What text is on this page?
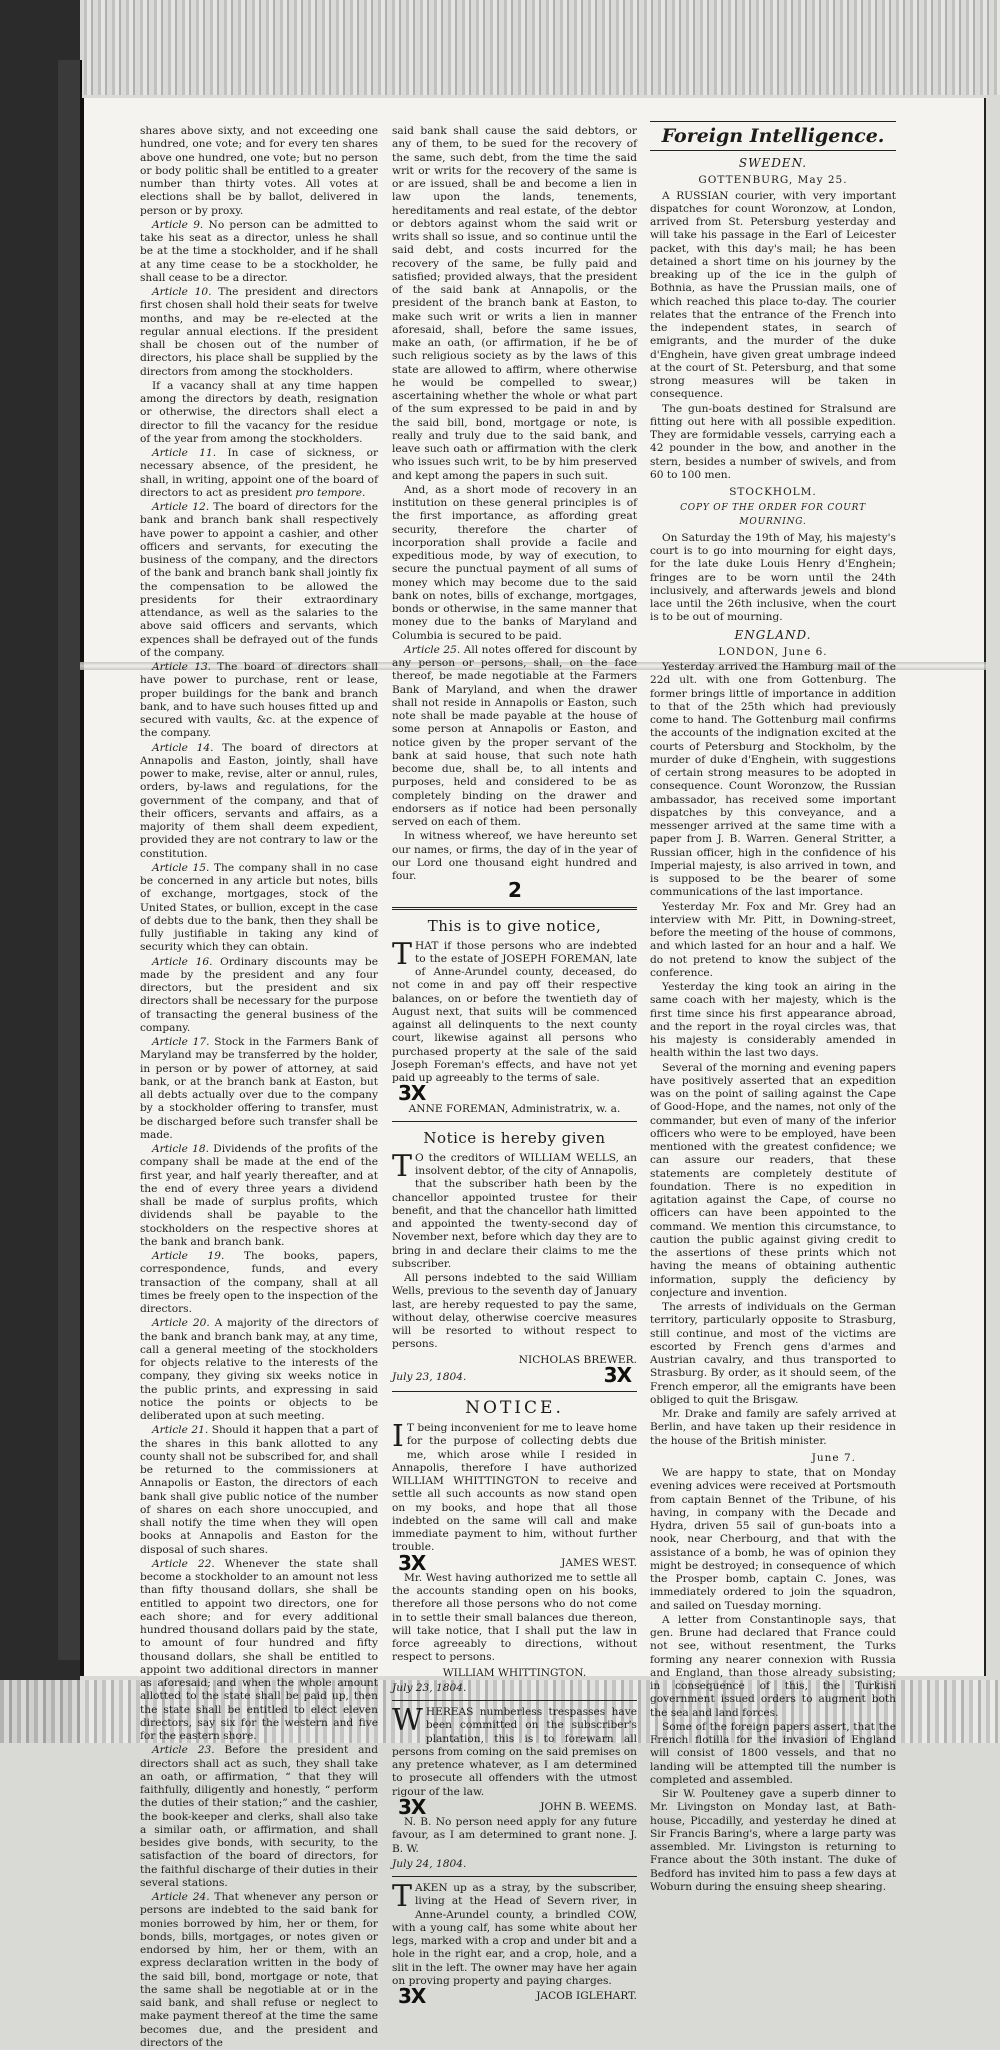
shares above sixty, and not exceeding one hundred, one vote; and for every ten shares above one hundred, one vote; but no person or body politic shall be entitled to a greater number than thirty votes. All votes at elections shall be by ballot, delivered in person or by proxy.

Article 9. No person can be admitted to take his seat as a director, unless he shall be at the time a stockholder, and if he shall at any time cease to be a stockholder, he shall cease to be a director.

Article 10. The president and directors first chosen shall hold their seats for twelve months, and may be re-elected at the regular annual elections. If the president shall be chosen out of the number of directors, his place shall be supplied by the directors from among the stockholders.

If a vacancy shall at any time happen among the directors by death, resignation or otherwise, the directors shall elect a director to fill the vacancy for the residue of the year from among the stockholders.

Article 11. In case of sickness, or necessary absence, of the president, he shall, in writing, appoint one of the board of directors to act as president pro tempore.

Article 12. The board of directors for the bank and branch bank shall respectively have power to appoint a cashier, and other officers and servants, for executing the business of the company, and the directors of the bank and branch bank shall jointly fix the compensation to be allowed the presidents for their extraordinary attendance, as well as the salaries to the above said officers and servants, which expences shall be defrayed out of the funds of the company.

Article 13. The board of directors shall have power to purchase, rent or lease, proper buildings for the bank and branch bank, and to have such houses fitted up and secured with vaults, &c. at the expence of the company.

Article 14. The board of directors at Annapolis and Easton, jointly, shall have power to make, revise, alter or annul, rules, orders, by-laws and regulations, for the government of the company, and that of their officers, servants and affairs, as a majority of them shall deem expedient, provided they are not contrary to law or the constitution.

Article 15. The company shall in no case be concerned in any article but notes, bills of exchange, mortgages, stock of the United States, or bullion, except in the case of debts due to the bank, then they shall be fully justifiable in taking any kind of security which they can obtain.

Article 16. Ordinary discounts may be made by the president and any four directors, but the president and six directors shall be necessary for the purpose of transacting the general business of the company.

Article 17. Stock in the Farmers Bank of Maryland may be transferred by the holder, in person or by power of attorney, at said bank, or at the branch bank at Easton, but all debts actually over due to the company by a stockholder offering to transfer, must be discharged before such transfer shall be made.

Article 18. Dividends of the profits of the company shall be made at the end of the first year, and half yearly thereafter, and at the end of every three years a dividend shall be made of surplus profits, which dividends shall be payable to the stockholders on the respective shores at the bank and branch bank.

Article 19. The books, papers, correspondence, funds, and every transaction of the company, shall at all times be freely open to the inspection of the directors.

Article 20. A majority of the directors of the bank and branch bank may, at any time, call a general meeting of the stockholders for objects relative to the interests of the company, they giving six weeks notice in the public prints, and expressing in said notice the points or objects to be deliberated upon at such meeting.

Article 21. Should it happen that a part of the shares in this bank allotted to any county shall not be subscribed for, and shall be returned to the commissioners at Annapolis or Easton, the directors of each bank shall give public notice of the number of shares on each shore unoccupied, and shall notify the time when they will open books at Annapolis and Easton for the disposal of such shares.

Article 22. Whenever the state shall become a stockholder to an amount not less than fifty thousand dollars, she shall be entitled to appoint two directors, one for each shore; and for every additional hundred thousand dollars paid by the state, to amount of four hundred and fifty thousand dollars, she shall be entitled to appoint two additional directors in manner as aforesaid; and when the whole amount allotted to the state shall be paid up, then the state shall be entitled to elect eleven directors, say six for the western and five for the eastern shore.

Article 23. Before the president and directors shall act as such, they shall take an oath, or affirmation, “ that they will faithfully, diligently and honestly, “ perform the duties of their station;” and the cashier, the book-keeper and clerks, shall also take a similar oath, or affirmation, and shall besides give bonds, with security, to the satisfaction of the board of directors, for the faithful discharge of their duties in their several stations.

Article 24. That whenever any person or persons are indebted to the said bank for monies borrowed by him, her or them, for bonds, bills, mortgages, or notes given or endorsed by him, her or them, with an express declaration written in the body of the said bill, bond, mortgage or note, that the same shall be negotiable at or in the said bank, and shall refuse or neglect to make payment thereof at the time the same becomes due, and the president and directors of the

said bank shall cause the said debtors, or any of them, to be sued for the recovery of the same, such debt, from the time the said writ or writs for the recovery of the same is or are issued, shall be and become a lien in law upon the lands, tenements, hereditaments and real estate, of the debtor or debtors against whom the said writ or writs shall so issue, and so continue until the said debt, and costs incurred for the recovery of the same, be fully paid and satisfied; provided always, that the president of the said bank at Annapolis, or the president of the branch bank at Easton, to make such writ or writs a lien in manner aforesaid, shall, before the same issues, make an oath, (or affirmation, if he be of such religious society as by the laws of this state are allowed to affirm, where otherwise he would be compelled to swear,) ascertaining whether the whole or what part of the sum expressed to be paid in and by the said bill, bond, mortgage or note, is really and truly due to the said bank, and leave such oath or affirmation with the clerk who issues such writ, to be by him preserved and kept among the papers in such suit.

And, as a short mode of recovery in an institution on these general principles is of the first importance, as affording great security, therefore the charter of incorporation shall provide a facile and expeditious mode, by way of execution, to secure the punctual payment of all sums of money which may become due to the said bank on notes, bills of exchange, mortgages, bonds or otherwise, in the same manner that money due to the banks of Maryland and Columbia is secured to be paid.

Article 25. All notes offered for discount by any person or persons, shall, on the face thereof, be made negotiable at the Farmers Bank of Maryland, and when the drawer shall not reside in Annapolis or Easton, such note shall be made payable at the house of some person at Annapolis or Easton, and notice given by the proper servant of the bank at said house, that such note hath become due, shall be, to all intents and purposes, held and considered to be as completely binding on the drawer and endorsers as if notice had been personally served on each of them.

In witness whereof, we have hereunto set our names, or firms, the day of in the year of our Lord one thousand eight hundred and four.

2
This is to give notice,

THAT if those persons who are indebted to the estate of JOSEPH FOREMAN, late of Anne-Arundel county, deceased, do not come in and pay off their respective balances, on or before the twentieth day of August next, that suits will be commenced against all delinquents to the next county court, likewise against all persons who purchased property at the sale of the said Joseph Foreman's effects, and have not yet paid up agreeably to the terms of sale.

3X
ANNE FOREMAN, Administratrix, w. a.
Notice is hereby given

T O the creditors of WILLIAM WELLS, an insolvent debtor, of the city of Annapolis, that the subscriber hath been by the chancellor appointed trustee for their benefit, and that the chancellor hath limitted and appointed the twenty-second day of November next, before which day they are to bring in and declare their claims to me the subscriber.

All persons indebted to the said William Wells, previous to the seventh day of January last, are hereby requested to pay the same, without delay, otherwise coercive measures will be resorted to without respect to persons.

NICHOLAS BREWER.
July 23, 1804.	3X
NOTICE.

I T being inconvenient for me to leave home for the purpose of collecting debts due me, which arose while I resided in Annapolis, therefore I have authorized WILLIAM WHITTINGTON to receive and settle all such accounts as now stand open on my books, and hope that all those indebted on the same will call and make immediate payment to him, without further trouble.

3X	JAMES WEST.

Mr. West having authorized me to settle all the accounts standing open on his books, therefore all those persons who do not come in to settle their small balances due thereon, will take notice, that I shall put the law in force agreeably to directions, without respect to persons.

WILLIAM WHITTINGTON.
July 23, 1804.

WHEREAS numberless trespasses have been committed on the subscriber's plantation, this is to forewarn all persons from coming on the said premises on any pretence whatever, as I am determined to prosecute all offenders with the utmost rigour of the law.

3X	JOHN B. WEEMS.

N. B. No person need apply for any future favour, as I am determined to grant none. J. B. W.

July 24, 1804.

TAKEN up as a stray, by the subscriber, living at the Head of Severn river, in Anne-Arundel county, a brindled COW, with a young calf, has some white about her legs, marked with a crop and under bit and a hole in the right ear, and a crop, hole, and a slit in the left. The owner may have her again on proving property and paying charges.

3X	JACOB IGLEHART.
Foreign Intelligence.
SWEDEN.
GOTTENBURG, May 25.

A RUSSIAN courier, with very important dispatches for count Woronzow, at London, arrived from St. Petersburg yesterday and will take his passage in the Earl of Leicester packet, with this day's mail; he has been detained a short time on his journey by the breaking up of the ice in the gulph of Bothnia, as have the Prussian mails, one of which reached this place to-day. The courier relates that the entrance of the French into the independent states, in search of emigrants, and the murder of the duke d'Enghein, have given great umbrage indeed at the court of St. Petersburg, and that some strong measures will be taken in consequence.

The gun-boats destined for Stralsund are fitting out here with all possible expedition. They are formidable vessels, carrying each a 42 pounder in the bow, and another in the stern, besides a number of swivels, and from 60 to 100 men.

STOCKHOLM.
COPY OF THE ORDER FOR COURT MOURNING.

On Saturday the 19th of May, his majesty's court is to go into mourning for eight days, for the late duke Louis Henry d'Enghein; fringes are to be worn until the 24th inclusively, and afterwards jewels and blond lace until the 26th inclusive, when the court is to be out of mourning.

ENGLAND.
LONDON, June 6.

Yesterday arrived the Hamburg mail of the 22d ult. with one from Gottenburg. The former brings little of importance in addition to that of the 25th which had previously come to hand. The Gottenburg mail confirms the accounts of the indignation excited at the courts of Petersburg and Stockholm, by the murder of duke d'Enghein, with suggestions of certain strong measures to be adopted in consequence. Count Woronzow, the Russian ambassador, has received some important dispatches by this conveyance, and a messenger arrived at the same time with a paper from J. B. Warren. General Stritter, a Russian officer, high in the confidence of his Imperial majesty, is also arrived in town, and is supposed to be the bearer of some communications of the last importance.

Yesterday Mr. Fox and Mr. Grey had an interview with Mr. Pitt, in Downing-street, before the meeting of the house of commons, and which lasted for an hour and a half. We do not pretend to know the subject of the conference.

Yesterday the king took an airing in the same coach with her majesty, which is the first time since his first appearance abroad, and the report in the royal circles was, that his majesty is considerably amended in health within the last two days.

Several of the morning and evening papers have positively asserted that an expedition was on the point of sailing against the Cape of Good-Hope, and the names, not only of the commander, but even of many of the inferior officers who were to be employed, have been mentioned with the greatest confidence; we can assure our readers, that these statements are completely destitute of foundation. There is no expedition in agitation against the Cape, of course no officers can have been appointed to the command. We mention this circumstance, to caution the public against giving credit to the assertions of these prints which not having the means of obtaining authentic information, supply the deficiency by conjecture and invention.

The arrests of individuals on the German territory, particularly opposite to Strasburg, still continue, and most of the victims are escorted by French gens d'armes and Austrian cavalry, and thus transported to Strasburg. By order, as it should seem, of the French emperor, all the emigrants have been obliged to quit the Brisgaw.

Mr. Drake and family are safely arrived at Berlin, and have taken up their residence in the house of the British minister.

June 7.

We are happy to state, that on Monday evening advices were received at Portsmouth from captain Bennet of the Tribune, of his having, in company with the Decade and Hydra, driven 55 sail of gun-boats into a nook, near Cherbourg, and that with the assistance of a bomb, he was of opinion they might be destroyed; in consequence of which the Prosper bomb, captain C. Jones, was immediately ordered to join the squadron, and sailed on Tuesday morning.

A letter from Constantinople says, that gen. Brune had declared that France could not see, without resentment, the Turks forming any nearer connexion with Russia and England, than those already subsisting; in consequence of this, the Turkish government issued orders to augment both the sea and land forces.

Some of the foreign papers assert, that the French flotilla for the invasion of England will consist of 1800 vessels, and that no landing will be attempted till the number is completed and assembled.

Sir W. Poulteney gave a superb dinner to Mr. Livingston on Monday last, at Bath-house, Piccadilly, and yesterday he dined at Sir Francis Baring's, where a large party was assembled. Mr. Livingston is returning to France about the 30th instant. The duke of Bedford has invited him to pass a few days at Woburn during the ensuing sheep shearing.
